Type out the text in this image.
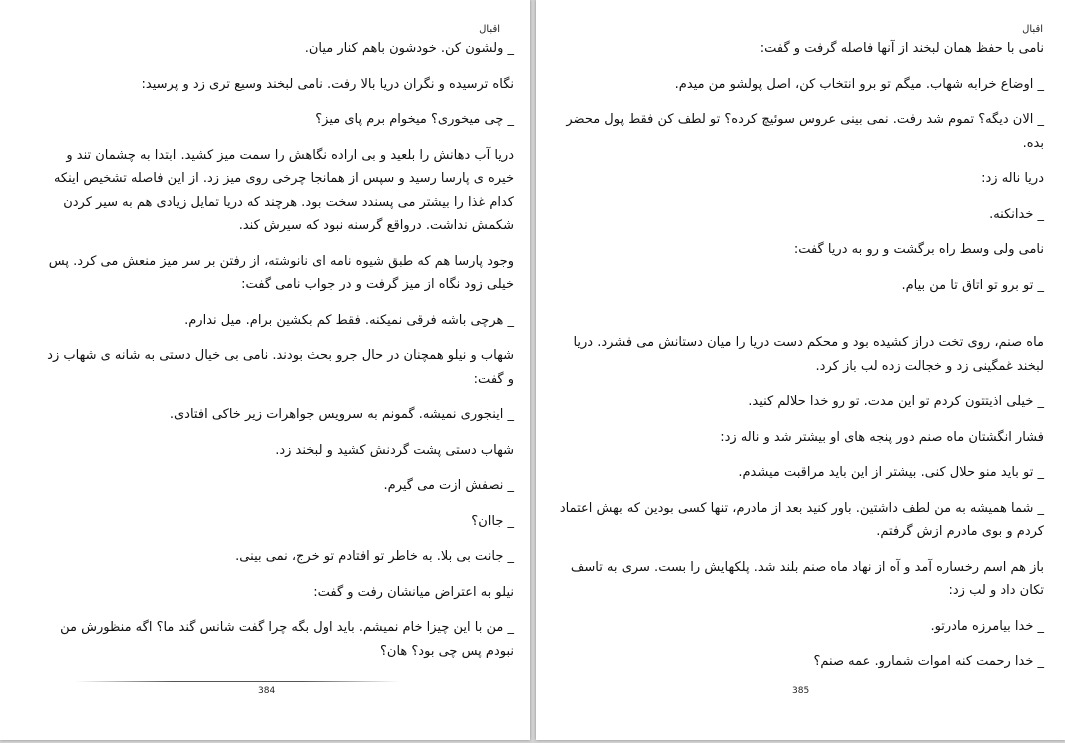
اقبال

_ ولشون کن. خودشون باهم کنار میان.

نگاه ترسیده و نگران دریا بالا رفت. نامی لبخند وسیع تری زد و پرسید:

_ چی میخوری؟ میخوام برم پای میز؟

دریا آب دهانش را بلعید و بی اراده نگاهش را سمت میز کشید. ابتدا به چشمان تند و خیره ی پارسا رسید و سپس از همانجا چرخی روی میز زد. از این فاصله تشخیص اینکه کدام غذا را بیشتر می پسندد سخت بود. هرچند که دریا تمایل زیادی هم به سیر کردن شکمش نداشت. درواقع گرسنه نبود که سیرش کند.

وجود پارسا هم که طبق شیوه نامه ای نانوشته، از رفتن بر سر میز منعش می کرد. پس خیلی زود نگاه از میز گرفت و در جواب نامی گفت:

_ هرچی باشه فرقی نمیکنه. فقط کم بکشین برام. میل ندارم.

شهاب و نیلو همچنان در حال جرو بحث بودند. نامی بی خیال دستی به شانه ی شهاب زد و گفت:

_ اینجوری نمیشه. گمونم به سرویس جواهرات زیر خاکی افتادی.

شهاب دستی پشت گردنش کشید و لبخند زد.

_ نصفش ازت می گیرم.

_ جاان؟

_ جانت بی بلا. به خاطر تو افتادم تو خرج، نمی بینی.

نیلو به اعتراض میانشان رفت و گفت:

_ من با این چیزا خام نمیشم. باید اول بگه چرا گفت شانس گند ما؟ اگه منظورش من نبودم پس چی بود؟ هان؟

384
اقبال

نامی با حفظ همان لبخند از آنها فاصله گرفت و گفت:

_ اوضاع خرابه شهاب. میگم تو برو انتخاب کن، اصل پولشو من میدم.

_ الان دیگه؟ تموم شد رفت. نمی بینی عروس سوئیچ کرده؟ تو لطف کن فقط پول محضر بده.

دریا ناله زد:

_ خدانکنه.

نامی ولی وسط راه برگشت و رو به دریا گفت:

_ تو برو تو اتاق تا من بیام.

ماه صنم، روی تخت دراز کشیده بود و محکم دست دریا را میان دستانش می فشرد. دریا لبخند غمگینی زد و خجالت زده لب باز کرد.

_ خیلی اذیتتون کردم تو این مدت. تو رو خدا حلالم کنید.

فشار انگشتان ماه صنم دور پنجه های او بیشتر شد و ناله زد:

_ تو باید منو حلال کنی. بیشتر از این باید مراقبت میشدم.

_ شما همیشه به من لطف داشتین. باور کنید بعد از مادرم، تنها کسی بودین که بهش اعتماد کردم و بوی مادرم ازش گرفتم.

باز هم اسم رخساره آمد و آه از نهاد ماه صنم بلند شد. پلکهایش را بست. سری به تاسف تکان داد و لب زد:

_ خدا بیامرزه مادرتو.

_ خدا رحمت کنه اموات شمارو. عمه صنم؟

385
